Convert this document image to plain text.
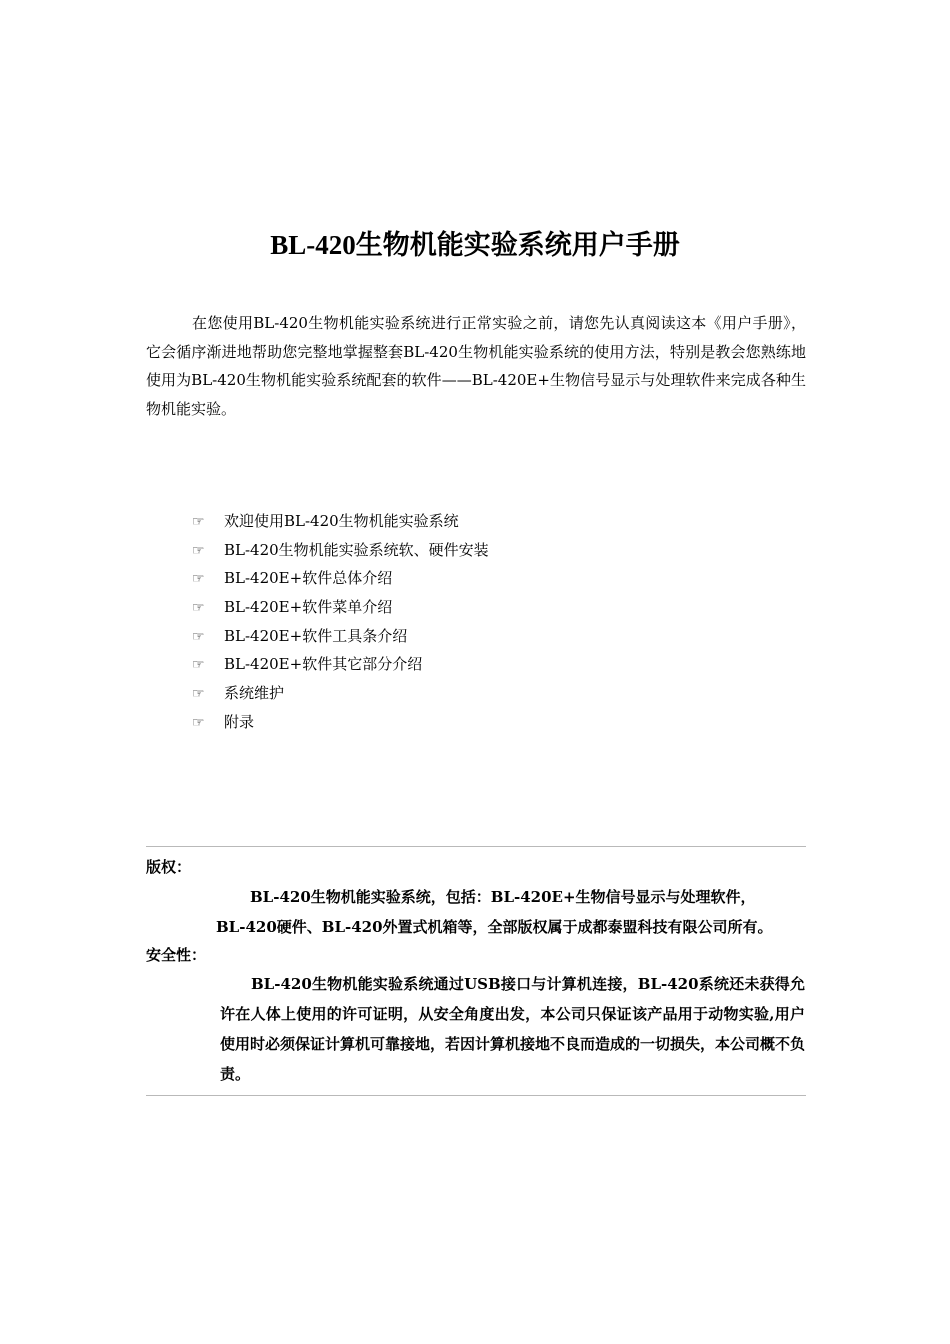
BL-420生物机能实验系统用户手册

在您使用BL-420生物机能实验系统进行正常实验之前，请您先认真阅读这本《用户手册》，它会循序渐进地帮助您完整地掌握整套BL-420生物机能实验系统的使用方法，特别是教会您熟练地使用为BL-420生物机能实验系统配套的软件——BL-420E+生物信号显示与处理软件来完成各种生物机能实验。

☞ 欢迎使用BL-420生物机能实验系统
☞ BL-420生物机能实验系统软、硬件安装
☞ BL-420E+软件总体介绍
☞ BL-420E+软件菜单介绍
☞ BL-420E+软件工具条介绍
☞ BL-420E+软件其它部分介绍
☞ 系统维护
☞ 附录
版权：
BL-420生物机能实验系统，包括：BL-420E+生物信号显示与处理软件，
BL-420硬件、BL-420外置式机箱等，全部版权属于成都泰盟科技有限公司所有。
安全性：

BL-420生物机能实验系统通过USB接口与计算机连接，BL-420系统还未获得允许在人体上使用的许可证明，从安全角度出发，本公司只保证该产品用于动物实验,用户使用时必须保证计算机可靠接地，若因计算机接地不良而造成的一切损失，本公司概不负责。
